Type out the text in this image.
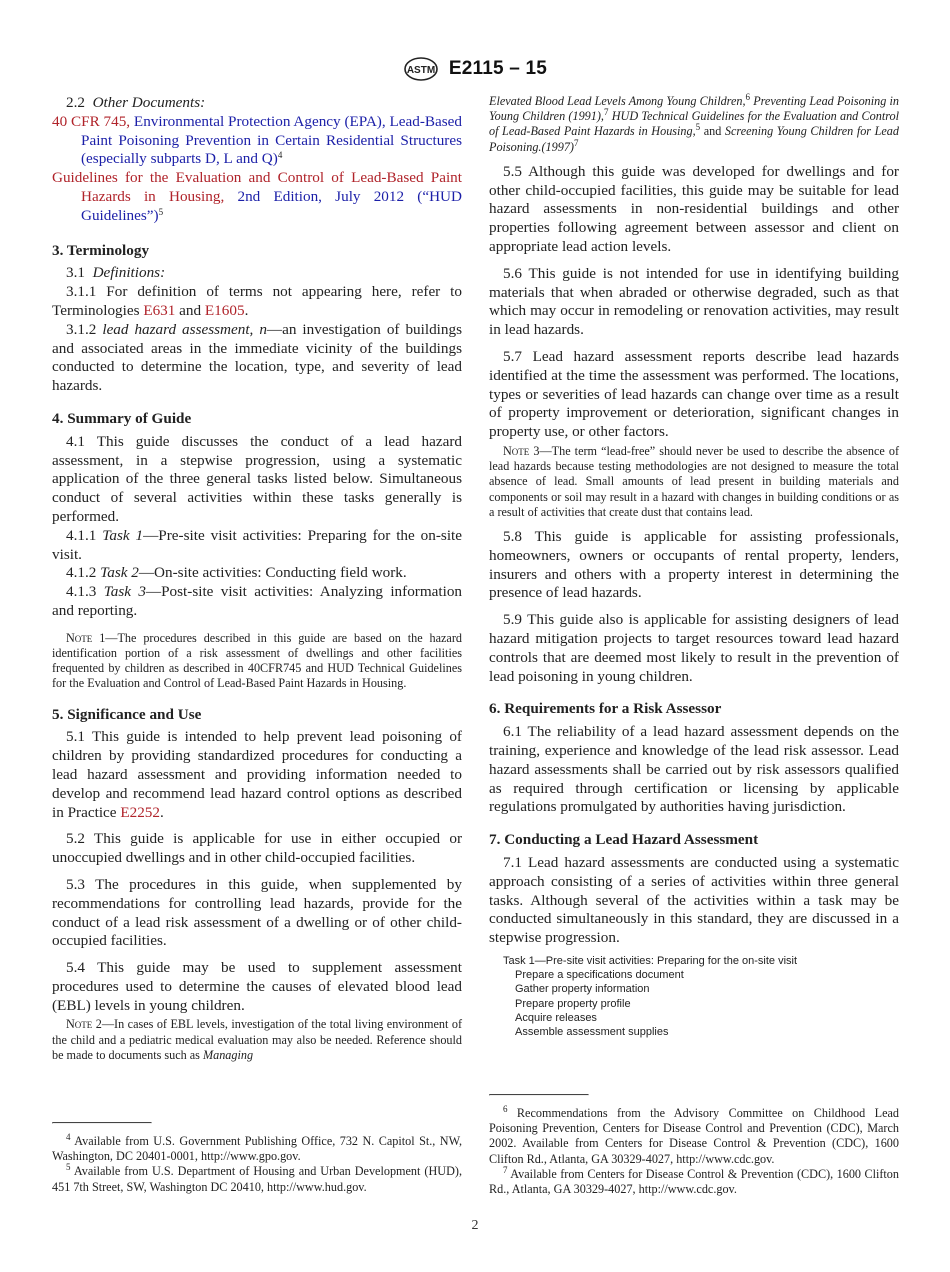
ASTM E2115 – 15

2.2 Other Documents:

40 CFR 745, Environmental Protection Agency (EPA), Lead-Based Paint Poisoning Prevention in Certain Residential Structures (especially subparts D, L and Q)$^4$

Guidelines for the Evaluation and Control of Lead-Based Paint Hazards in Housing, 2nd Edition, July 2012 (“HUD Guidelines”)$^5$

3. Terminology

3.1 Definitions:

3.1.1 For definition of terms not appearing here, refer to Terminologies E631 and E1605.

3.1.2 lead hazard assessment, n—an investigation of buildings and associated areas in the immediate vicinity of the buildings conducted to determine the location, type, and severity of lead hazards.

4. Summary of Guide

4.1 This guide discusses the conduct of a lead hazard assessment, in a stepwise progression, using a systematic application of the three general tasks listed below. Simultaneous conduct of several activities within these tasks generally is performed.

4.1.1 Task 1—Pre-site visit activities: Preparing for the on-site visit.

4.1.2 Task 2—On-site activities: Conducting field work.

4.1.3 Task 3—Post-site visit activities: Analyzing information and reporting.

Note 1—The procedures described in this guide are based on the hazard identification portion of a risk assessment of dwellings and other facilities frequented by children as described in 40CFR745 and HUD Technical Guidelines for the Evaluation and Control of Lead-Based Paint Hazards in Housing.

5. Significance and Use

5.1 This guide is intended to help prevent lead poisoning of children by providing standardized procedures for conducting a lead hazard assessment and providing information needed to develop and recommend lead hazard control options as described in Practice E2252.

5.2 This guide is applicable for use in either occupied or unoccupied dwellings and in other child-occupied facilities.

5.3 The procedures in this guide, when supplemented by recommendations for controlling lead hazards, provide for the conduct of a lead risk assessment of a dwelling or of other child-occupied facilities.

5.4 This guide may be used to supplement assessment procedures used to determine the causes of elevated blood lead (EBL) levels in young children.

Note 2—In cases of EBL levels, investigation of the total living environment of the child and a pediatric medical evaluation may also be needed. Reference should be made to documents such as Managing

$^4$ Available from U.S. Government Publishing Office, 732 N. Capitol St., NW, Washington, DC 20401-0001, http://www.gpo.gov.

$^5$ Available from U.S. Department of Housing and Urban Development (HUD), 451 7th Street, SW, Washington DC 20410, http://www.hud.gov.

Elevated Blood Lead Levels Among Young Children,$^6$ Preventing Lead Poisoning in Young Children (1991),$^7$ HUD Technical Guidelines for the Evaluation and Control of Lead-Based Paint Hazards in Housing,$^5$ and Screening Young Children for Lead $Poisoning.(1997)^7$

5.5 Although this guide was developed for dwellings and for other child-occupied facilities, this guide may be suitable for lead hazard assessments in non-residential buildings and other properties following agreement between assessor and client on appropriate lead action levels.

5.6 This guide is not intended for use in identifying building materials that when abraded or otherwise degraded, such as that which may occur in remodeling or renovation activities, may result in lead hazards.

5.7 Lead hazard assessment reports describe lead hazards identified at the time the assessment was performed. The locations, types or severities of lead hazards can change over time as a result of property improvement or deterioration, significant changes in property use, or other factors.

Note 3—The term “lead-free” should never be used to describe the absence of lead hazards because testing methodologies are not designed to measure the total absence of lead. Small amounts of lead present in building materials and components or soil may result in a hazard with changes in building conditions or as a result of activities that create dust that contains lead.

5.8 This guide is applicable for assisting professionals, homeowners, owners or occupants of rental property, lenders, insurers and others with a property interest in determining the presence of lead hazards.

5.9 This guide also is applicable for assisting designers of lead hazard mitigation projects to target resources toward lead hazard controls that are deemed most likely to result in the prevention of lead poisoning in young children.

6. Requirements for a Risk Assessor

6.1 The reliability of a lead hazard assessment depends on the training, experience and knowledge of the lead risk assessor. Lead hazard assessments shall be carried out by risk assessors qualified as required through certification or licensing by applicable regulations promulgated by authorities having jurisdiction.

7. Conducting a Lead Hazard Assessment

7.1 Lead hazard assessments are conducted using a systematic approach consisting of a series of activities within three general tasks. Although several of the activities within a task may be conducted simultaneously in this standard, they are discussed in a stepwise progression.

Task 1—Pre-site visit activities: Preparing for the on-site visit
Prepare a specifications document
Gather property information
Prepare property profile
Acquire releases
Assemble assessment supplies

$^6$ Recommendations from the Advisory Committee on Childhood Lead Poisoning Prevention, Centers for Disease Control and Prevention (CDC), March 2002. Available from Centers for Disease Control & Prevention (CDC), 1600 Clifton Rd., Atlanta, GA 30329-4027, http://www.cdc.gov.

$^7$ Available from Centers for Disease Control & Prevention (CDC), 1600 Clifton Rd., Atlanta, GA 30329-4027, http://www.cdc.gov.

2
